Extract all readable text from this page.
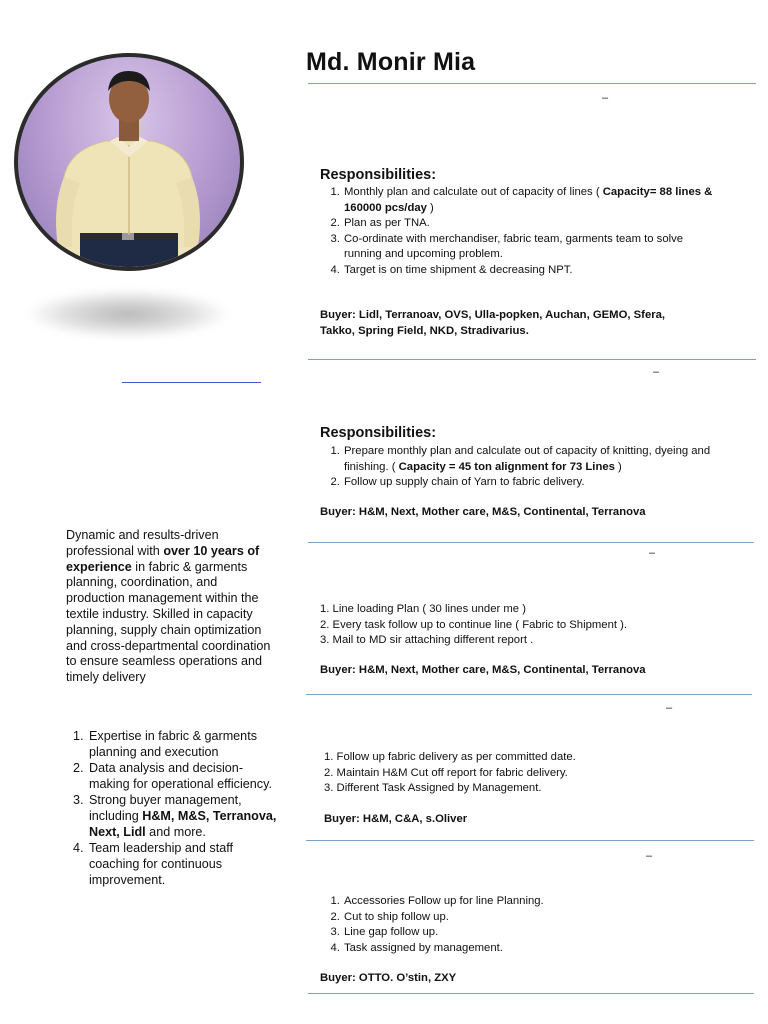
Dynamic and results-driven professional with over 10 years of experience in fabric & garments planning, coordination, and production management within the textile industry. Skilled in capacity planning, supply chain optimization and cross-departmental coordination to ensure seamless operations and timely delivery
1. Expertise in fabric & garments planning and execution
2. Data analysis and decision-making for operational efficiency.
3. Strong buyer management, including H&M, M&S, Terranova, Next, Lidl and more.
4. Team leadership and staff coaching for continuous improvement.
Md. Monir Mia
–
Responsibilities:
1. Monthly plan and calculate out of capacity of lines ( Capacity= 88 lines & 160000 pcs/day )
2. Plan as per TNA.
3. Co-ordinate with merchandiser, fabric team, garments team to solve running and upcoming problem.
4. Target is on time shipment & decreasing NPT.
Buyer: Lidl, Terranoav, OVS, Ulla-popken, Auchan, GEMO, Sfera, Takko, Spring Field, NKD, Stradivarius.
–
Responsibilities:
1. Prepare monthly plan and calculate out of capacity of knitting, dyeing and finishing. ( Capacity = 45 ton alignment for 73 Lines )
2. Follow up supply chain of Yarn to fabric delivery.
Buyer: H&M, Next, Mother care, M&S, Continental, Terranova
–
1. Line loading Plan ( 30 lines under me )
2. Every task follow up to continue line ( Fabric to Shipment ).
3. Mail to MD sir attaching different report .
Buyer: H&M, Next, Mother care, M&S, Continental, Terranova
–
1. Follow up fabric delivery as per committed date.
2. Maintain H&M Cut off report for fabric delivery.
3. Different Task Assigned by Management.
Buyer: H&M, C&A, s.Oliver
–
1. Accessories Follow up for line Planning.
2. Cut to ship follow up.
3. Line gap follow up.
4. Task assigned by management.
Buyer: OTTO. O’stin, ZXY
